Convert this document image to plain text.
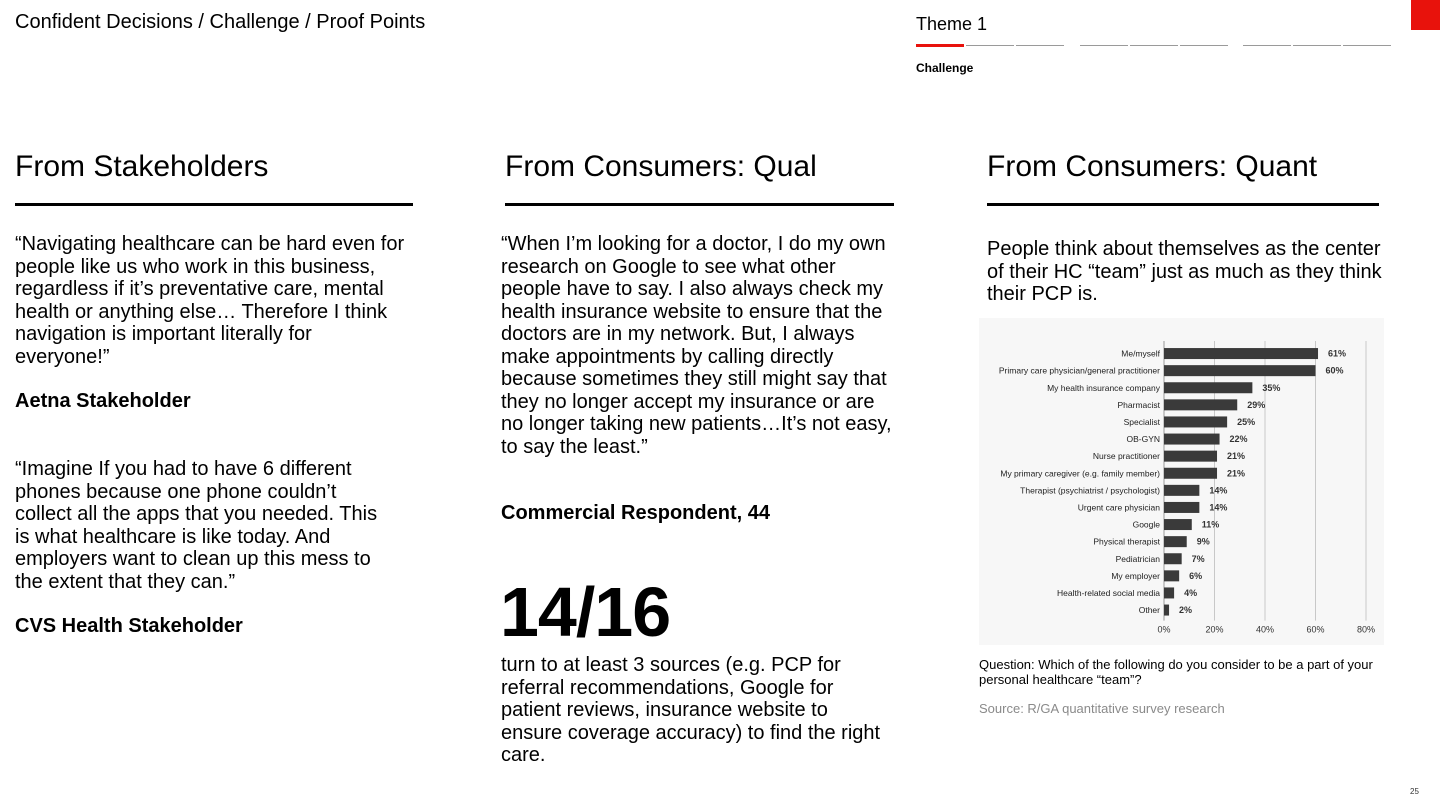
Confident Decisions / Challenge / Proof Points	Theme 1
Challenge
From Stakeholders
“Navigating healthcare can be hard even for people like us who work in this business, regardless if it’s preventative care, mental health or anything else… Therefore I think navigation is important literally for everyone!”
Aetna Stakeholder
“Imagine If you had to have 6 different phones because one phone couldn’t collect all the apps that you needed. This is what healthcare is like today. And employers want to clean up this mess to the extent that they can.”
CVS Health Stakeholder
From Consumers: Qual
“When I’m looking for a doctor, I do my own research on Google to see what other people have to say. I also always check my health insurance website to ensure that the doctors are in my network. But, I always make appointments by calling directly because sometimes they still might say that they no longer accept my insurance or are no longer taking new patients…It’s not easy, to say the least.”
Commercial Respondent, 44
14/16
turn to at least 3 sources (e.g. PCP for referral recommendations, Google for patient reviews, insurance website to ensure coverage accuracy) to find the right care.
From Consumers: Quant
People think about themselves as the center of their HC “team” just as much as they think their PCP is.
0%	20%	40%	60%	80%
Me/myself	61%
Primary care physician/general practitioner	60%
My health insurance company	35%
Pharmacist	29%
Specialist	25%
OB-GYN	22%
Nurse practitioner	21%
My primary caregiver (e.g. family member)	21%
Therapist (psychiatrist / psychologist)	14%
Urgent care physician	14%
Google	11%
Physical therapist	9%
Pediatrician	7%
My employer	6%
Health-related social media	4%
Other 2%
Question: Which of the following do you consider to be a part of your personal healthcare “team”?
Source: R/GA quantitative survey research
25
